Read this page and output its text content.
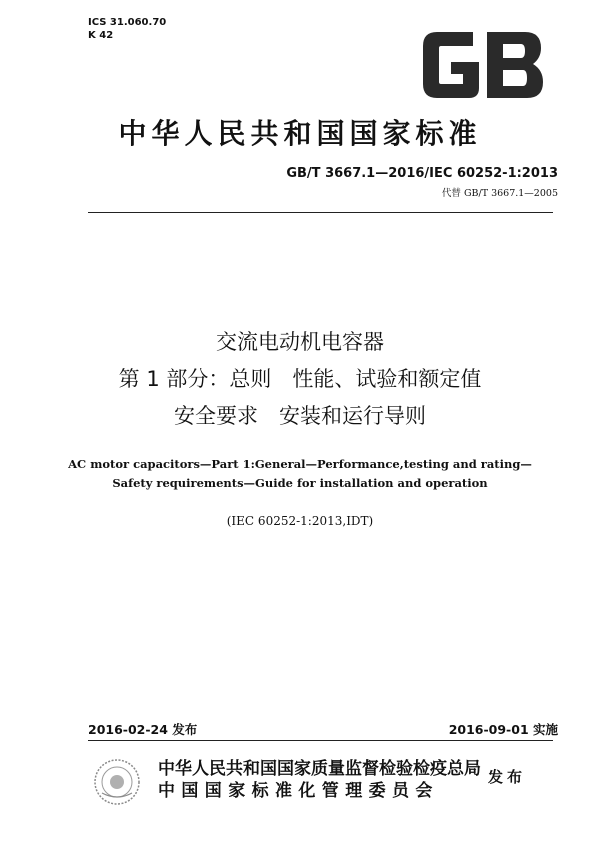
ICS 31.060.70
K 42
中华人民共和国国家标准
GB/T 3667.1—2016/IEC 60252-1:2013
代替 GB/T 3667.1—2005
交流电动机电容器
第 1 部分：总则　性能、试验和额定值
安全要求　安装和运行导则
AC motor capacitors—Part 1:General—Performance,testing and rating—
Safety requirements—Guide for installation and operation
(IEC 60252-1:2013,IDT)
2016-02-24 发布	2016-09-01 实施
中华人民共和国国家质量监督检验检疫总局
中国国家标准化管理委员会
发布
